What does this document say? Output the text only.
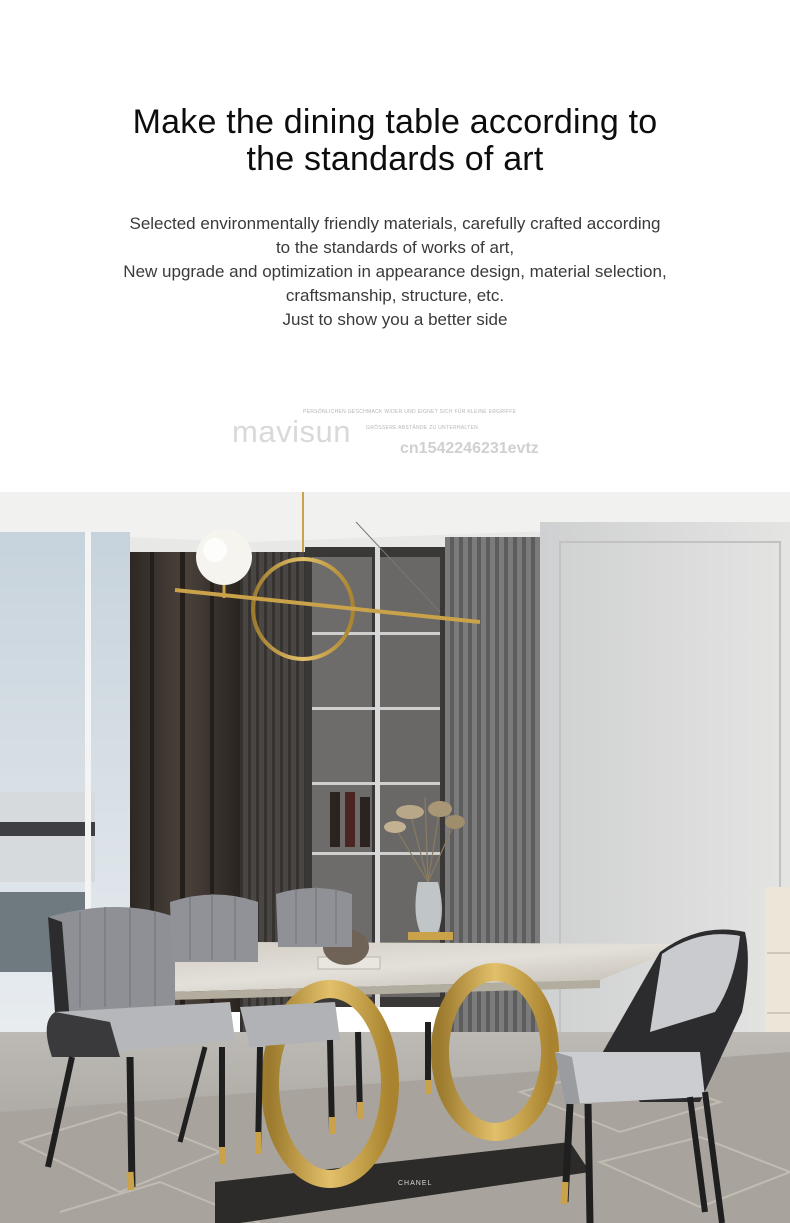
Make the dining table according to
the standards of art
Selected environmentally friendly materials, carefully crafted according
to the standards of works of art,
New upgrade and optimization in appearance design, material selection,
craftsmanship, structure, etc.
Just to show you a better side
PERSÖNLICHEN GESCHMACK WIDER UND EIGNET SICH FÜR KLEINE ERGRIFFE
GRÖSSERE ABSTÄNDE ZU UNTERHALTEN
mavisun	cn1542246231evtz
CHANEL
